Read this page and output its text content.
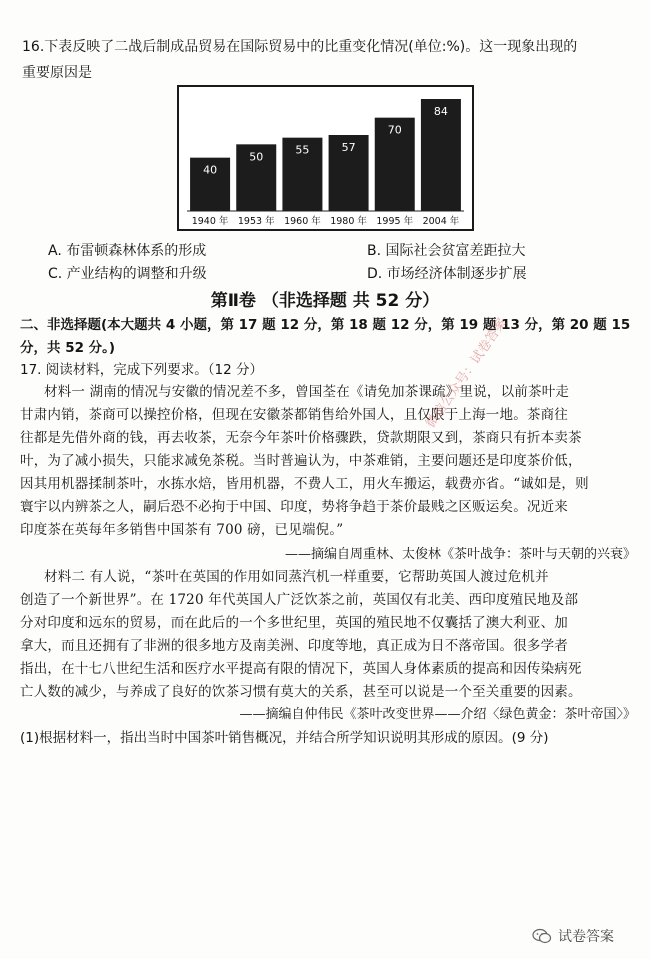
16.下表反映了二战后制成品贸易在国际贸易中的比重变化情况(单位:%)。这一现象出现的
重要原因是
40
1940 年
50
1953 年
55
1960 年
57
1980 年
70
1995 年
84
2004 年
A. 布雷顿森林体系的形成	B. 国际社会贫富差距拉大
C. 产业结构的调整和升级	D. 市场经济体制逐步扩展
第Ⅱ卷 （非选择题 共 52 分）
二、非选择题(本大题共 4 小题，第 17 题 12 分，第 18 题 12 分，第 19 题 13 分，第 20 题 15 分，共 52 分。)
17. 阅读材料，完成下列要求。（12 分）
材料一 湖南的情况与安徽的情况差不多，曾国荃在《请免加茶课疏》里说，以前茶叶走
甘肃内销，茶商可以操控价格，但现在安徽茶都销售给外国人，且仅限于上海一地。茶商往
往都是先借外商的钱，再去收茶，无奈今年茶叶价格骤跌，贷款期限又到，茶商只有折本卖茶
叶，为了减小损失，只能求减免茶税。当时普遍认为，中茶难销，主要问题还是印度茶价低，
因其用机器揉制茶叶，水拣水焙，皆用机器，不费人工，用火车搬运，载费亦省。“诚如是，则
寰宇以内辨茶之人，嗣后恐不必拘于中国、印度，势将争趋于茶价最贱之区贩运矣。况近来
印度茶在英每年多销售中国茶有 700 磅，已见端倪。”
——摘编自周重林、太俊林《茶叶战争：茶叶与天朝的兴衰》
材料二 有人说，“茶叶在英国的作用如同蒸汽机一样重要，它帮助英国人渡过危机并
创造了一个新世界”。在 1720 年代英国人广泛饮茶之前，英国仅有北美、西印度殖民地及部
分对印度和远东的贸易，而在此后的一个多世纪里，英国的殖民地不仅囊括了澳大利亚、加
拿大，而且还拥有了非洲的很多地方及南美洲、印度等地，真正成为日不落帝国。很多学者
指出，在十七八世纪生活和医疗水平提高有限的情况下，英国人身体素质的提高和因传染病死
亡人数的减少，与养成了良好的饮茶习惯有莫大的关系，甚至可以说是一个至关重要的因素。
——摘编自仲伟民《茶叶改变世界——介绍〈绿色黄金：茶叶帝国〉》
(1)根据材料一，指出当时中国茶叶销售概况，并结合所学知识说明其形成的原因。(9 分)
微信公众号：试卷答案
试卷答案
